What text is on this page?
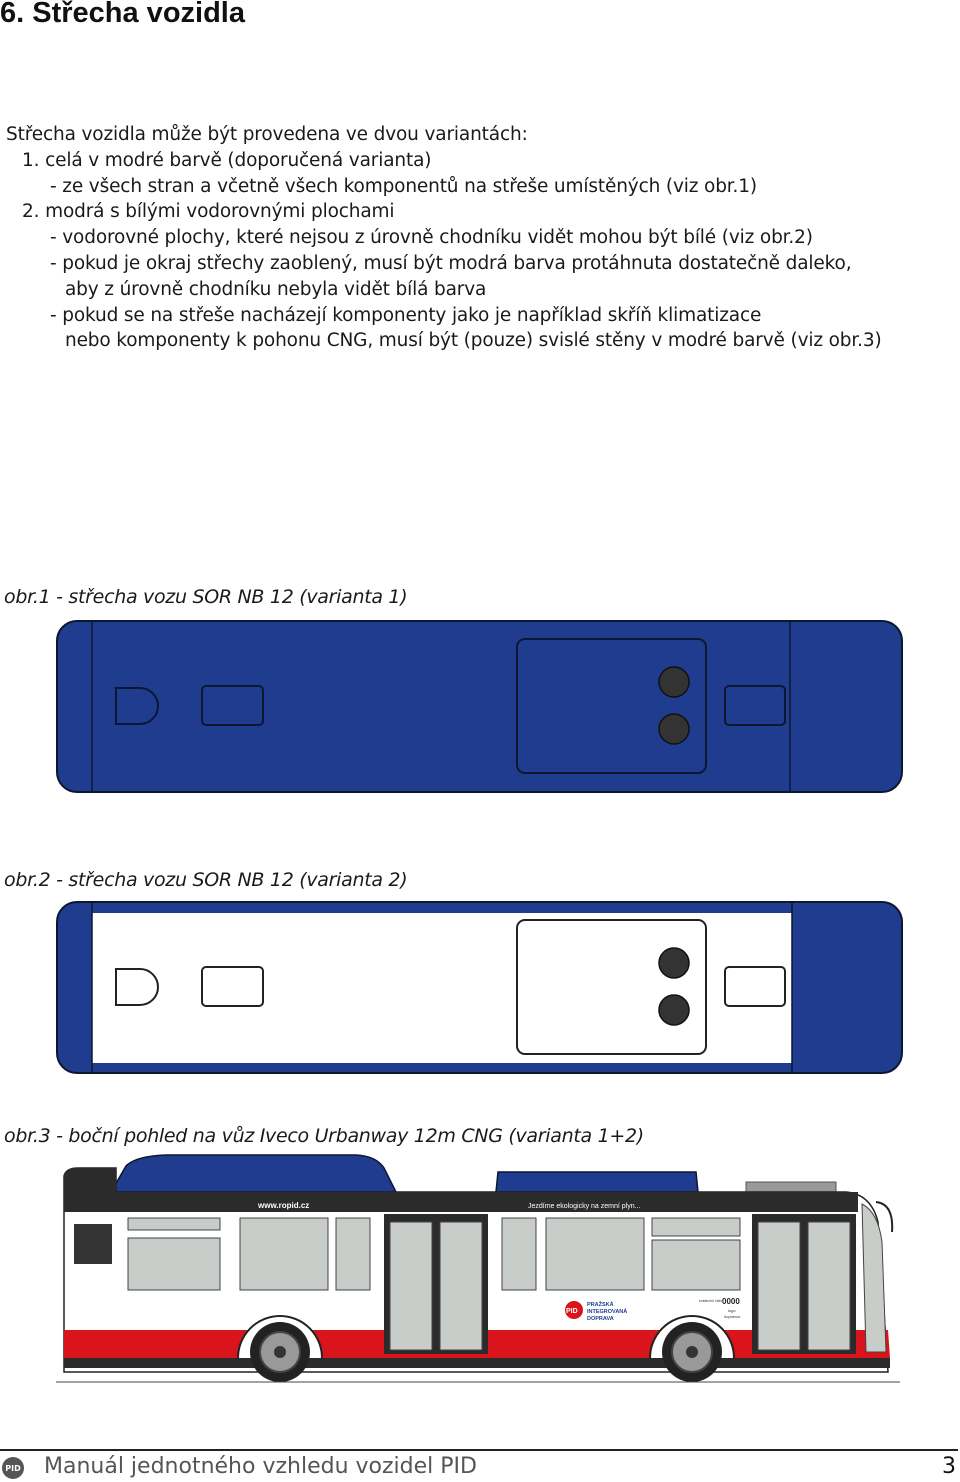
6. Střecha vozidla
Střecha vozidla může být provedena ve dvou variantách:
1. celá v modré barvě (doporučená varianta)
- ze všech stran a včetně všech komponentů na střeše umístěných (viz obr.1)
2. modrá s bílými vodorovnými plochami
- vodorovné plochy, které nejsou z úrovně chodníku vidět mohou být bílé (viz obr.2)
- pokud je okraj střechy zaoblený, musí být modrá barva protáhnuta dostatečně daleko,
aby z úrovně chodníku nebyla vidět bílá barva
- pokud se na střeše nacházejí komponenty jako je například skříň klimatizace
nebo komponenty k pohonu CNG, musí být (pouze) svislé stěny v modré barvě (viz obr.3)
obr.1 - střecha vozu SOR NB 12 (varianta 1)
obr.2 - střecha vozu SOR NB 12 (varianta 2)
obr.3 - boční pohled na vůz Iveco Urbanway 12m CNG (varianta 1+2)
www.ropid.cz	Jezdíme ekologicky na zemní plyn...
PID
PRAŽSKÁ
INTEGROVANÁ
DOPRAVA
evidenční číslo 0000
logo
dopravce
PID Manuál jednotného vzhledu vozidel PID	3
